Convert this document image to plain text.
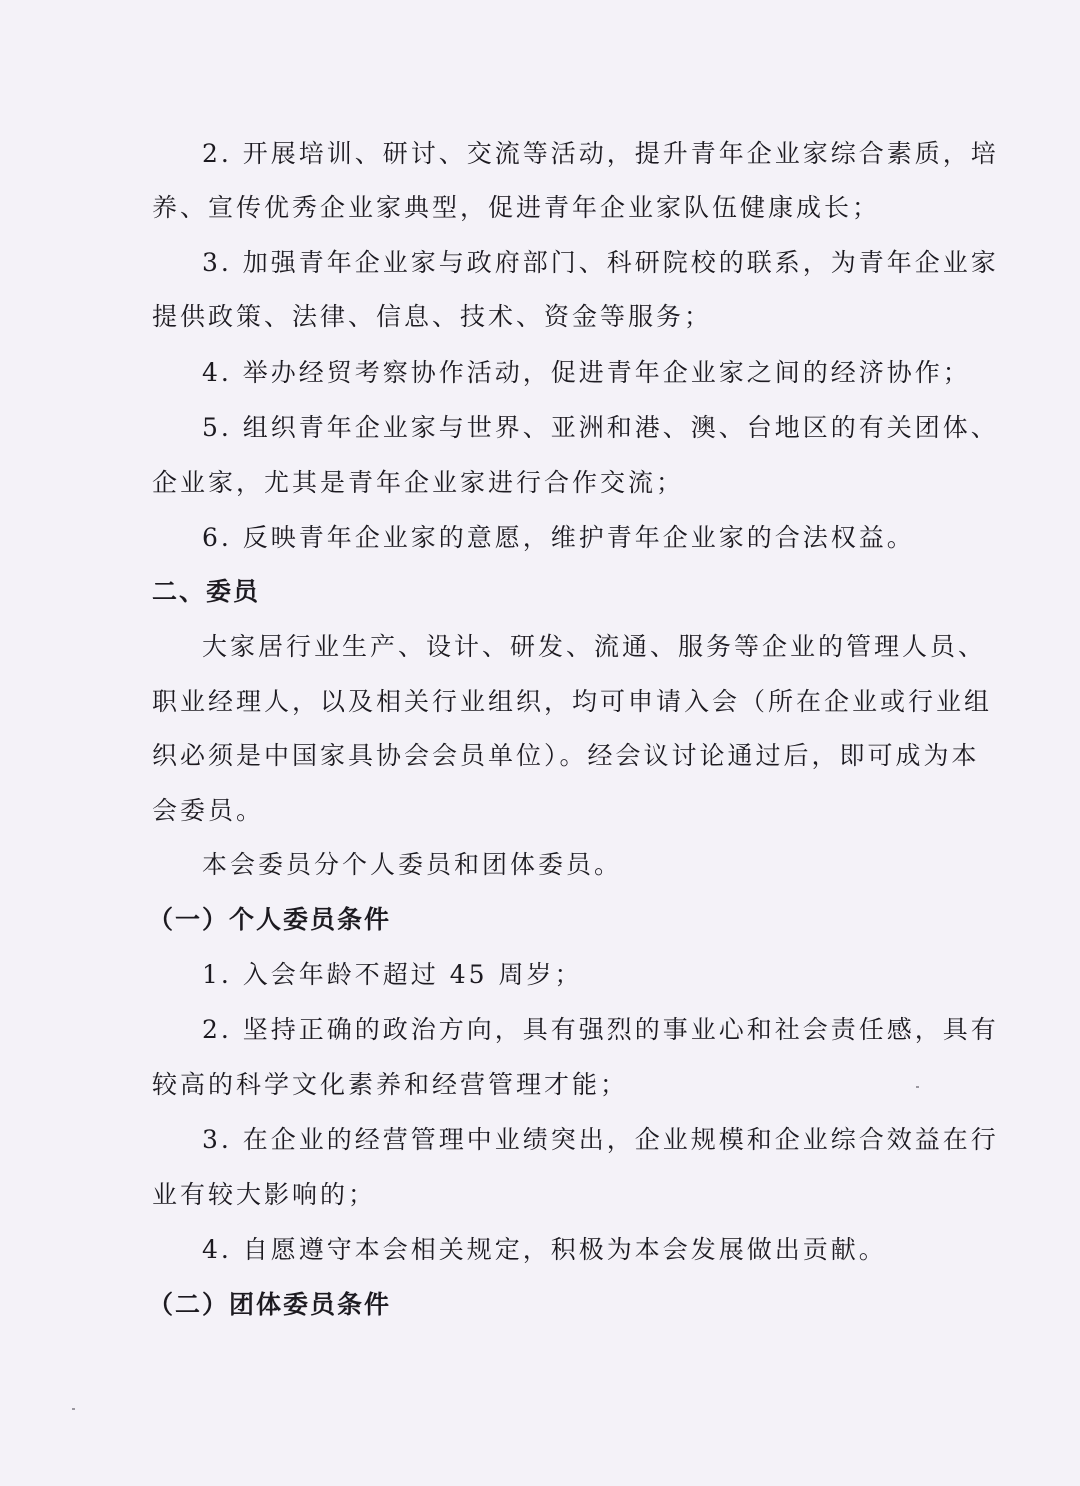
2. 开展培训、研讨、交流等活动，提升青年企业家综合素质，培
养、宣传优秀企业家典型，促进青年企业家队伍健康成长；
3. 加强青年企业家与政府部门、科研院校的联系，为青年企业家
提供政策、法律、信息、技术、资金等服务；
4. 举办经贸考察协作活动，促进青年企业家之间的经济协作；
5. 组织青年企业家与世界、亚洲和港、澳、台地区的有关团体、
企业家，尤其是青年企业家进行合作交流；
6. 反映青年企业家的意愿，维护青年企业家的合法权益。
二、委员
大家居行业生产、设计、研发、流通、服务等企业的管理人员、
职业经理人，以及相关行业组织，均可申请入会（所在企业或行业组
织必须是中国家具协会会员单位）。经会议讨论通过后，即可成为本
会委员。
本会委员分个人委员和团体委员。
（一）个人委员条件
1. 入会年龄不超过 45 周岁；
2. 坚持正确的政治方向，具有强烈的事业心和社会责任感，具有
较高的科学文化素养和经营管理才能；
3. 在企业的经营管理中业绩突出，企业规模和企业综合效益在行
业有较大影响的；
4. 自愿遵守本会相关规定，积极为本会发展做出贡献。
（二）团体委员条件
